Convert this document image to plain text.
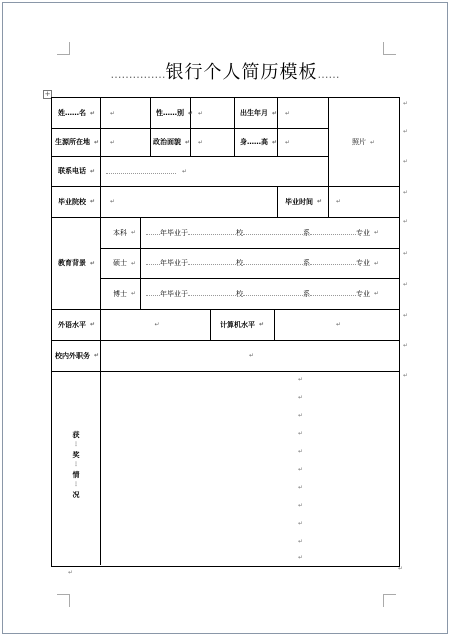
……………银行个人简历模板……
+
姓……名 ↵ ↵	性……别 ↵ ↵	出生年月 ↵ ↵
照片 ↵
生源所在地 ↵ ↵	政治面貌 ↵ ↵	身……高 ↵ ↵
联系电话 ↵	↵
毕业院校 ↵ ↵	毕业时间 ↵ ↵
教育背景 ↵
本科 ↵	年毕业于	校	系	专业 ↵
硕士 ↵	年毕业于	校	系	专业 ↵
博士 ↵	年毕业于	校	系	专业 ↵
外语水平 ↵	↵	计算机水平 ↵	↵
校内外职务 ↵	↵
获
⋮
奖
⋮
情
⋮
况
↵
↵
↵
↵
↵
↵
↵
↵
↵
↵
↵
↵
↵
↵
↵
↵
↵
↵
↵
↵
↵
↵
↵
